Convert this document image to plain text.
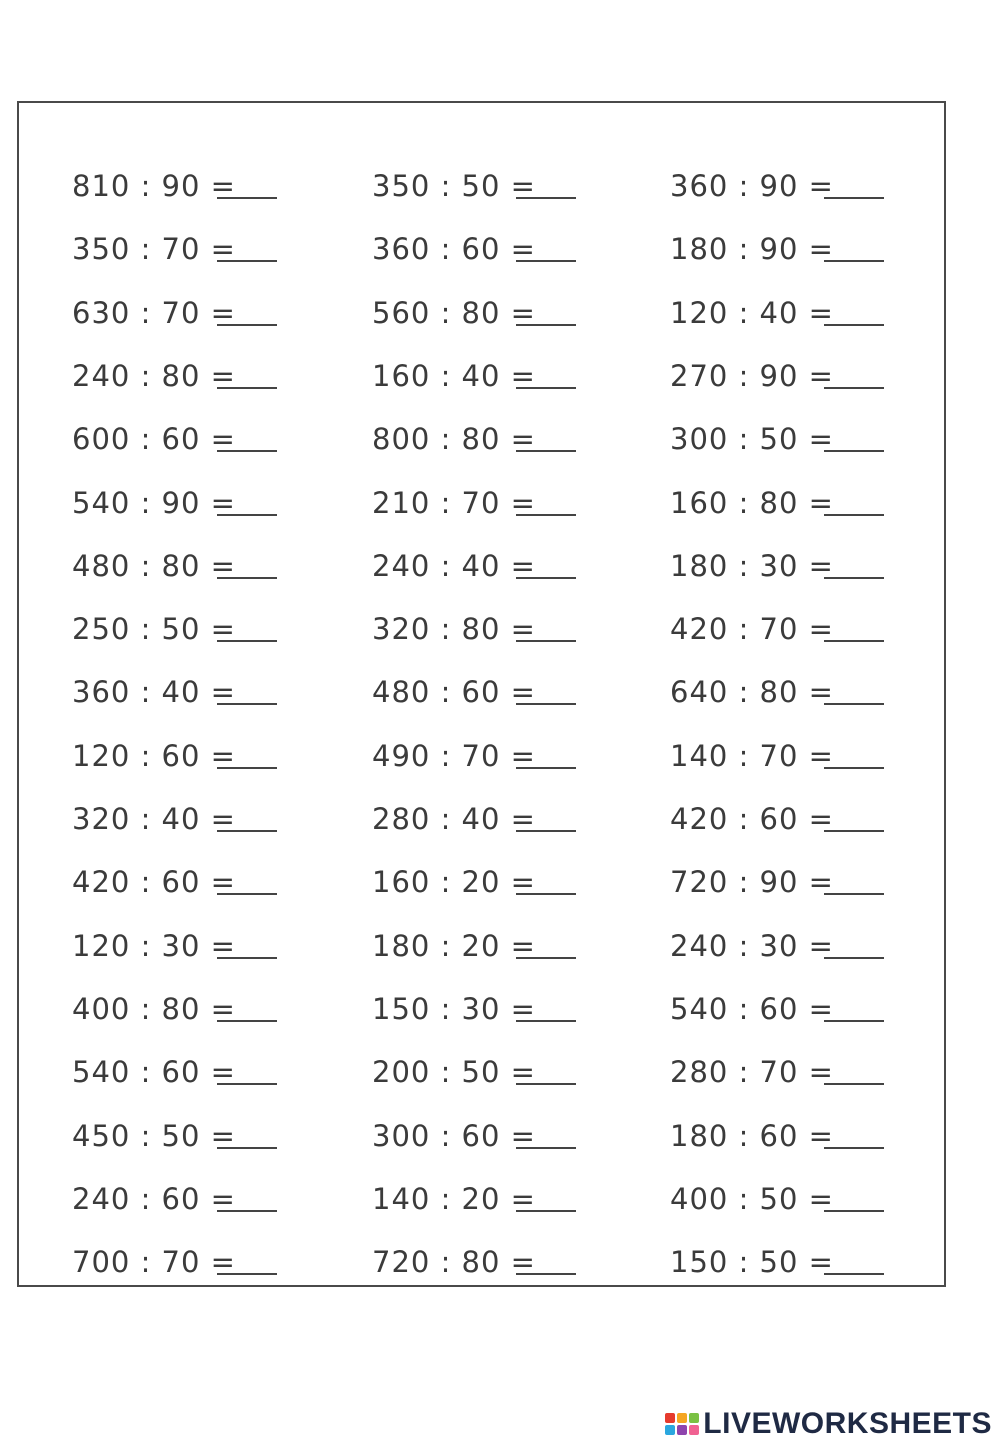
810 : 90 =
350 : 70 =
630 : 70 =
240 : 80 =
600 : 60 =
540 : 90 =
480 : 80 =
250 : 50 =
360 : 40 =
120 : 60 =
320 : 40 =
420 : 60 =
120 : 30 =
400 : 80 =
540 : 60 =
450 : 50 =
240 : 60 =
700 : 70 =
350 : 50 =
360 : 60 =
560 : 80 =
160 : 40 =
800 : 80 =
210 : 70 =
240 : 40 =
320 : 80 =
480 : 60 =
490 : 70 =
280 : 40 =
160 : 20 =
180 : 20 =
150 : 30 =
200 : 50 =
300 : 60 =
140 : 20 =
720 : 80 =
360 : 90 =
180 : 90 =
120 : 40 =
270 : 90 =
300 : 50 =
160 : 80 =
180 : 30 =
420 : 70 =
640 : 80 =
140 : 70 =
420 : 60 =
720 : 90 =
240 : 30 =
540 : 60 =
280 : 70 =
180 : 60 =
400 : 50 =
150 : 50 =
LIVEWORKSHEETS
